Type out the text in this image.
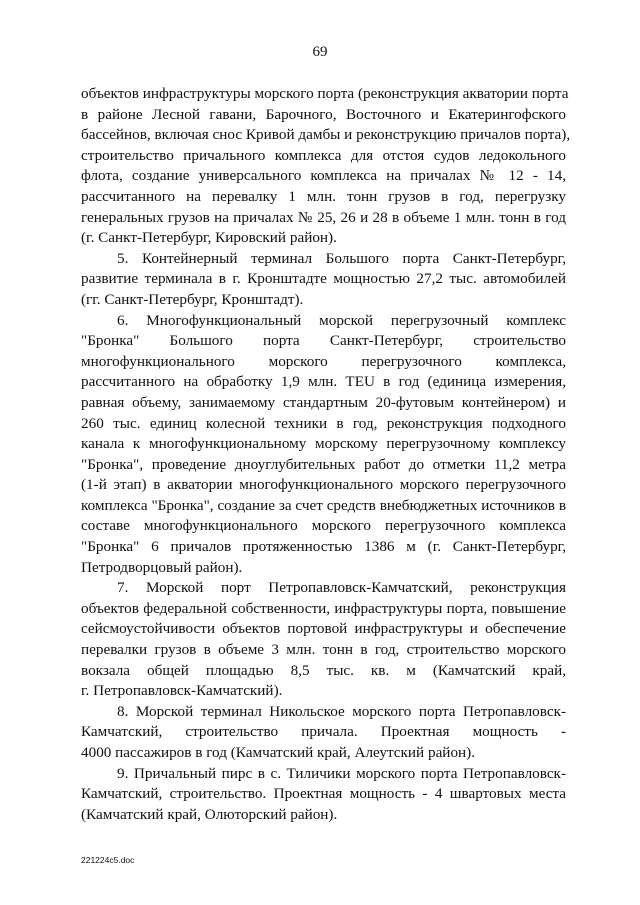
69
объектов инфраструктуры морского порта (реконструкция акватории порта
в районе Лесной гавани, Барочного, Восточного и Екатерингофского
бассейнов, включая снос Кривой дамбы и реконструкцию причалов порта),
строительство причального комплекса для отстоя судов ледокольного
флота, создание универсального комплекса на причалах № 12 - 14,
рассчитанного на перевалку 1 млн. тонн грузов в год, перегрузку
генеральных грузов на причалах № 25, 26 и 28 в объеме 1 млн. тонн в год
(г. Санкт-Петербург, Кировский район).
5. Контейнерный терминал Большого порта Санкт-Петербург,
развитие терминала в г. Кронштадте мощностью 27,2 тыс. автомобилей
(гг. Санкт-Петербург, Кронштадт).
6. Многофункциональный морской перегрузочный комплекс
"Бронка" Большого порта Санкт-Петербург, строительство
многофункционального морского перегрузочного комплекса,
рассчитанного на обработку 1,9 млн. TEU в год (единица измерения,
равная объему, занимаемому стандартным 20-футовым контейнером) и
260 тыс. единиц колесной техники в год, реконструкция подходного
канала к многофункциональному морскому перегрузочному комплексу
"Бронка", проведение дноуглубительных работ до отметки 11,2 метра
(1-й этап) в акватории многофункционального морского перегрузочного
комплекса "Бронка", создание за счет средств внебюджетных источников в
составе многофункционального морского перегрузочного комплекса
"Бронка" 6 причалов протяженностью 1386 м (г. Санкт-Петербург,
Петродворцовый район).
7. Морской порт Петропавловск-Камчатский, реконструкция
объектов федеральной собственности, инфраструктуры порта, повышение
сейсмоустойчивости объектов портовой инфраструктуры и обеспечение
перевалки грузов в объеме 3 млн. тонн в год, строительство морского
вокзала общей площадью 8,5 тыс. кв. м (Камчатский край,
г. Петропавловск-Камчатский).
8. Морской терминал Никольское морского порта Петропавловск-
Камчатский, строительство причала. Проектная мощность -
4000 пассажиров в год (Камчатский край, Алеутский район).
9. Причальный пирс в с. Тиличики морского порта Петропавловск-
Камчатский, строительство. Проектная мощность - 4 швартовых места
(Камчатский край, Олюторский район).
221224c5.doc
